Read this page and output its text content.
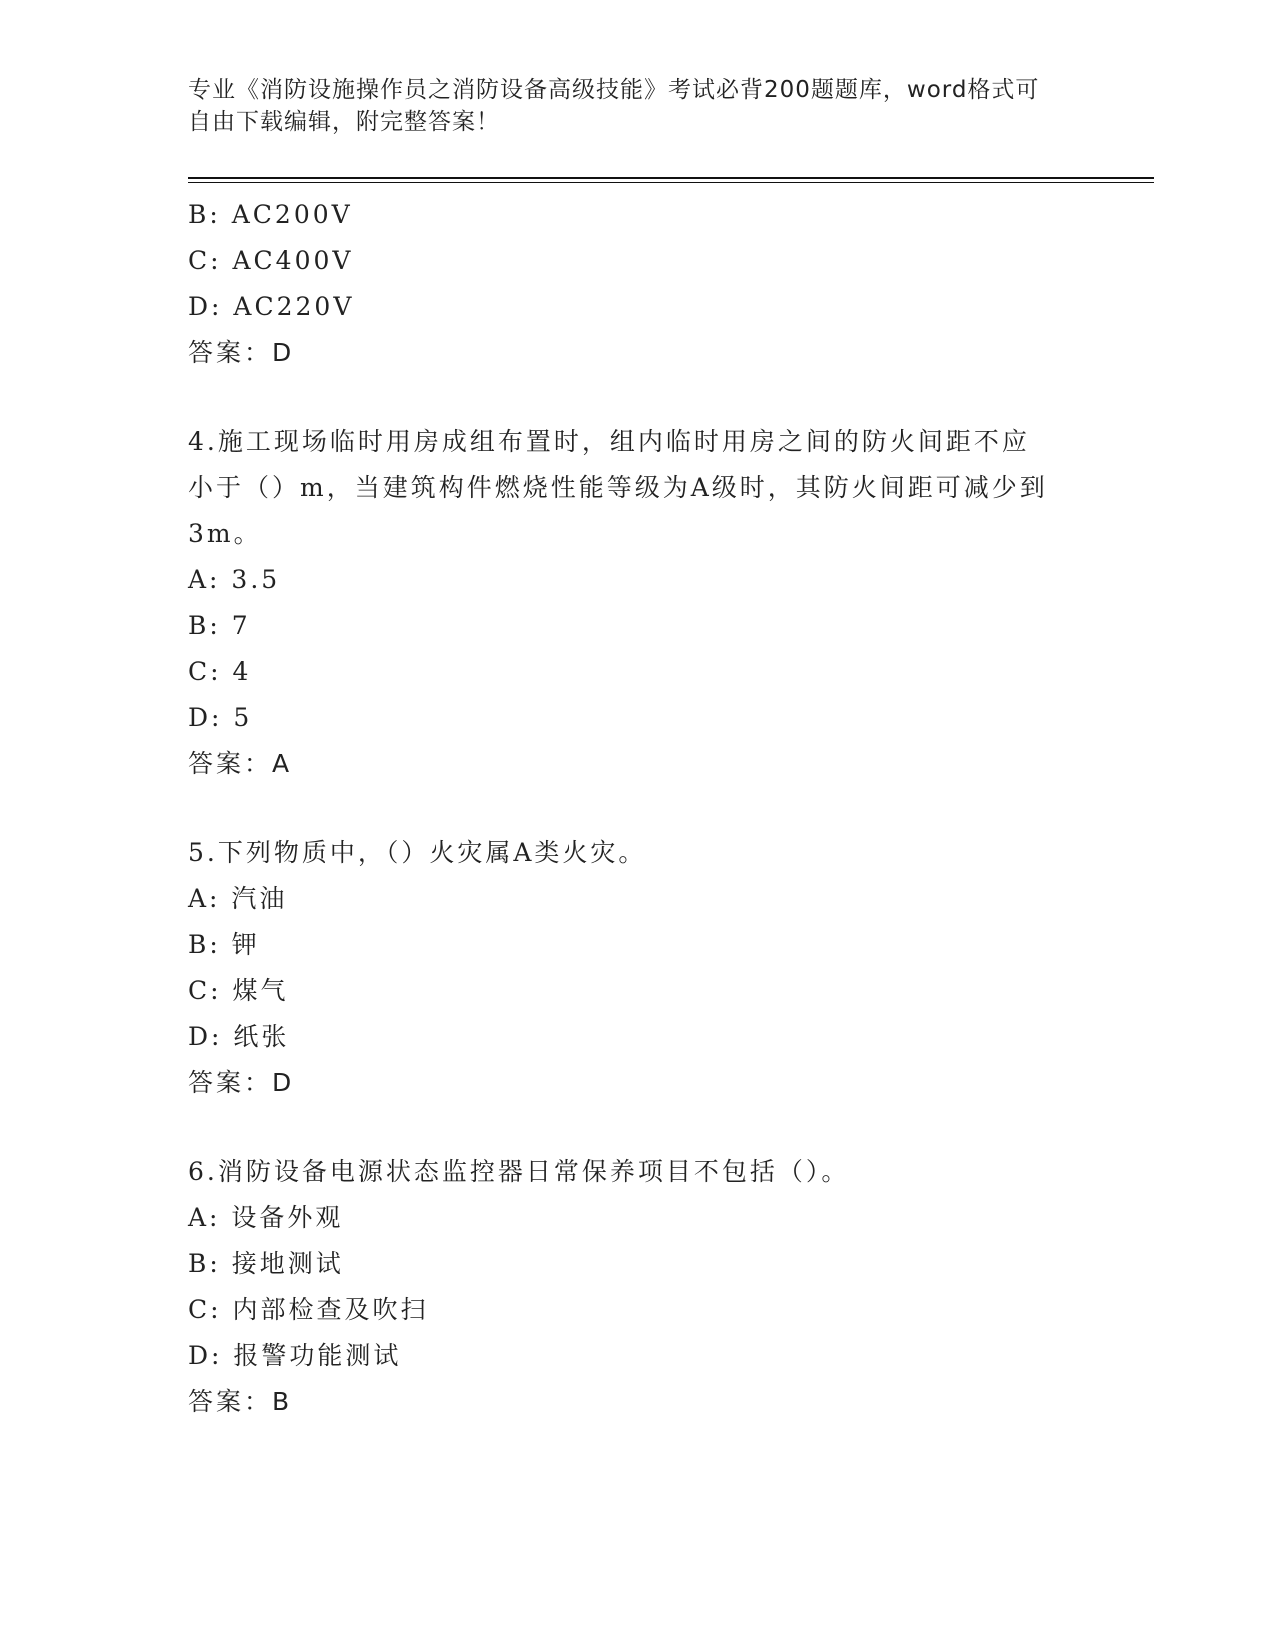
专业《消防设施操作员之消防设备高级技能》考试必背200题题库，word格式可
自由下载编辑，附完整答案！
B: AC200V
C: AC400V
D: AC220V
答案：D
4.施工现场临时用房成组布置时，组内临时用房之间的防火间距不应
小于（）m，当建筑构件燃烧性能等级为A级时，其防火间距可减少到
3m。
A: 3.5
B: 7
C: 4
D: 5
答案：A
5.下列物质中，（）火灾属A类火灾。
A: 汽油
B: 钾
C: 煤气
D: 纸张
答案：D
6.消防设备电源状态监控器日常保养项目不包括（）。
A: 设备外观
B: 接地测试
C: 内部检查及吹扫
D: 报警功能测试
答案：B
